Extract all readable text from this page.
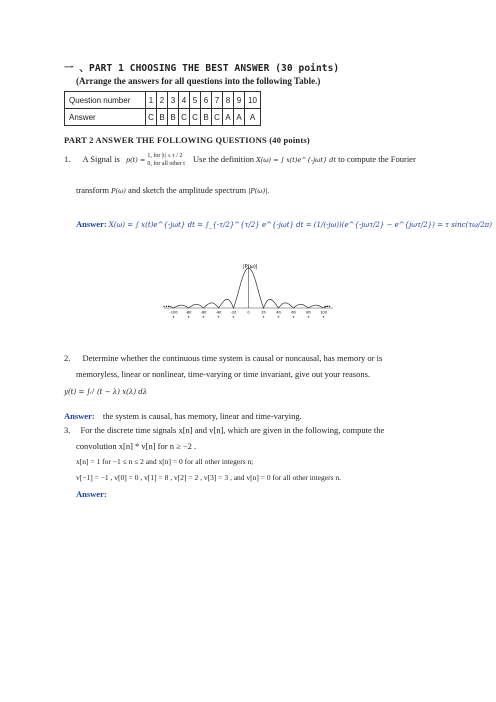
一 、PART 1 CHOOSING THE BEST ANSWER (30 points)
(Arrange the answers for all questions into the following Table.)
Question number	1	2	3	4	5	6	7	8	9	10
Answer	C	B	B	C	C	B	C	A	A	A
PART 2 ANSWER THE FOLLOWING QUESTIONS (40 points)
1. A Signal is p(t) = 1, for |t| ≤ τ / 2
0, for all other t Use the definition X(ω) = ∫ x(t)e^{-jωt} dt to compute the Fourier
transform P(ω) and sketch the amplitude spectrum |P(ω)|.
Answer: X(ω) = ∫ x(t)e^{-jωt} dt = ∫_{-τ/2}^{τ/2} e^{-jωt} dt = (1/(-jω))(e^{-jωτ/2} − e^{jωτ/2}) = τ sinc(τω/2π)
|P(ω)|
...	...
-10π
τ
-8π
τ
-6π
τ
-4π
τ
-2π
τ
0	2π
τ
4π
τ
6π
τ
8π
τ
10π
τ
2. Determine whether the continuous time system is causal or noncausal, has memory or is
memoryless, linear or nonlinear, time-varying or time invariant, give out your reasons.
y(t) = ∫₀ᵗ (t − λ) x(λ) dλ
Answer: the system is causal, has memory, linear and time-varying.
3. For the discrete time signals x[n] and v[n], which are given in the following, compute the
convolution x[n] * v[n] for n ≥ −2 .
x[n] = 1 for −1 ≤ n ≤ 2 and x[n] = 0 for all other integers n;
v[−1] = −1 , v[0] = 0 , v[1] = 8 , v[2] = 2 , v[3] = 3 , and v[n] = 0 for all other integers n.
Answer:
